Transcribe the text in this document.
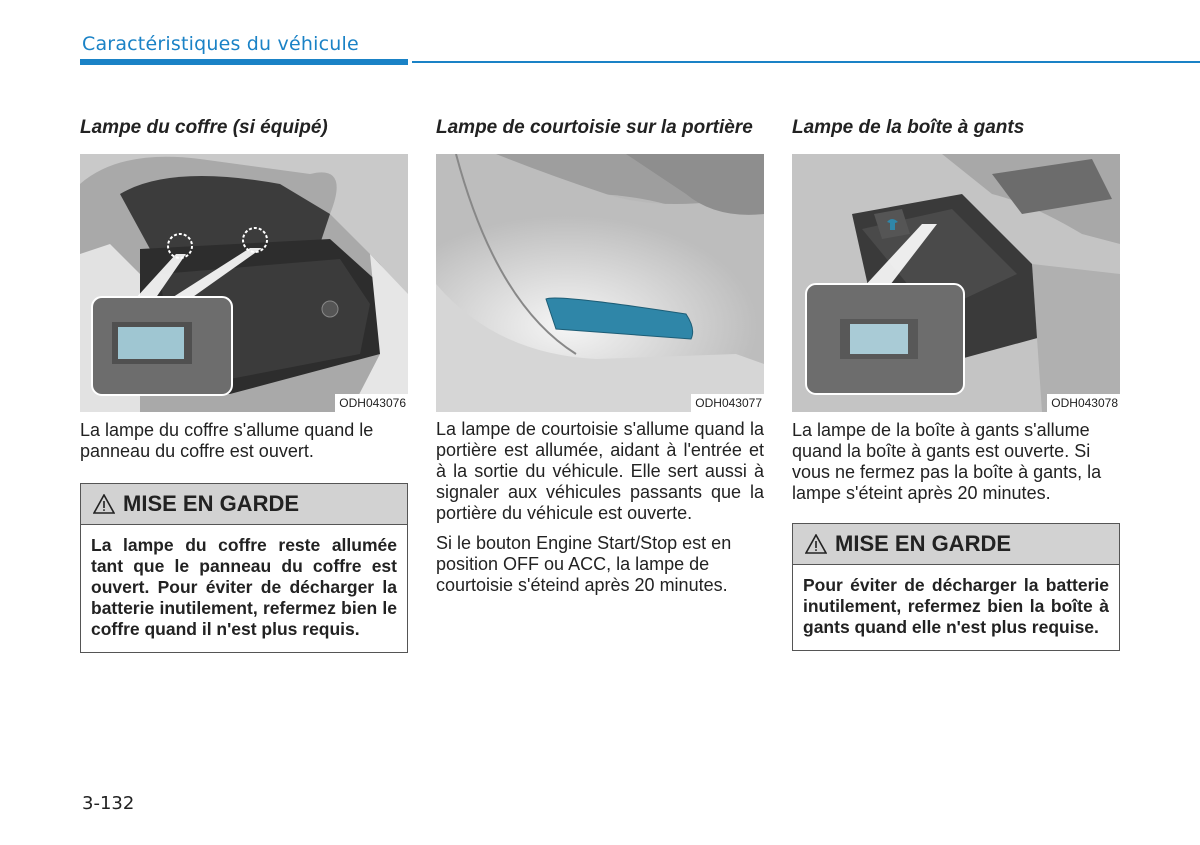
Caractéristiques du véhicule
Lampe du coffre (si équipé)
ODH043076

La lampe du coffre s'allume quand le panneau du coffre est ouvert.

MISE EN GARDE
La lampe du coffre reste allumée tant que le panneau du coffre est ouvert. Pour éviter de décharger la batterie inutilement, refermez bien le coffre quand il n'est plus requis.
Lampe de courtoisie sur la portière
ODH043077

La lampe de courtoisie s'allume quand la portière est allumée, aidant à l'entrée et à la sortie du véhicule. Elle sert aussi à signaler aux véhicules passants que la portière du véhicule est ouverte.

Si le bouton Engine Start/Stop est en position OFF ou ACC, la lampe de courtoisie s'éteind après 20 minutes.

Lampe de la boîte à gants
ODH043078

La lampe de la boîte à gants s'allume quand la boîte à gants est ouverte. Si vous ne fermez pas la boîte à gants, la lampe s'éteint après 20 minutes.

MISE EN GARDE
Pour éviter de décharger la batterie inutilement, refermez bien la boîte à gants quand elle n'est plus requise.
3-132
